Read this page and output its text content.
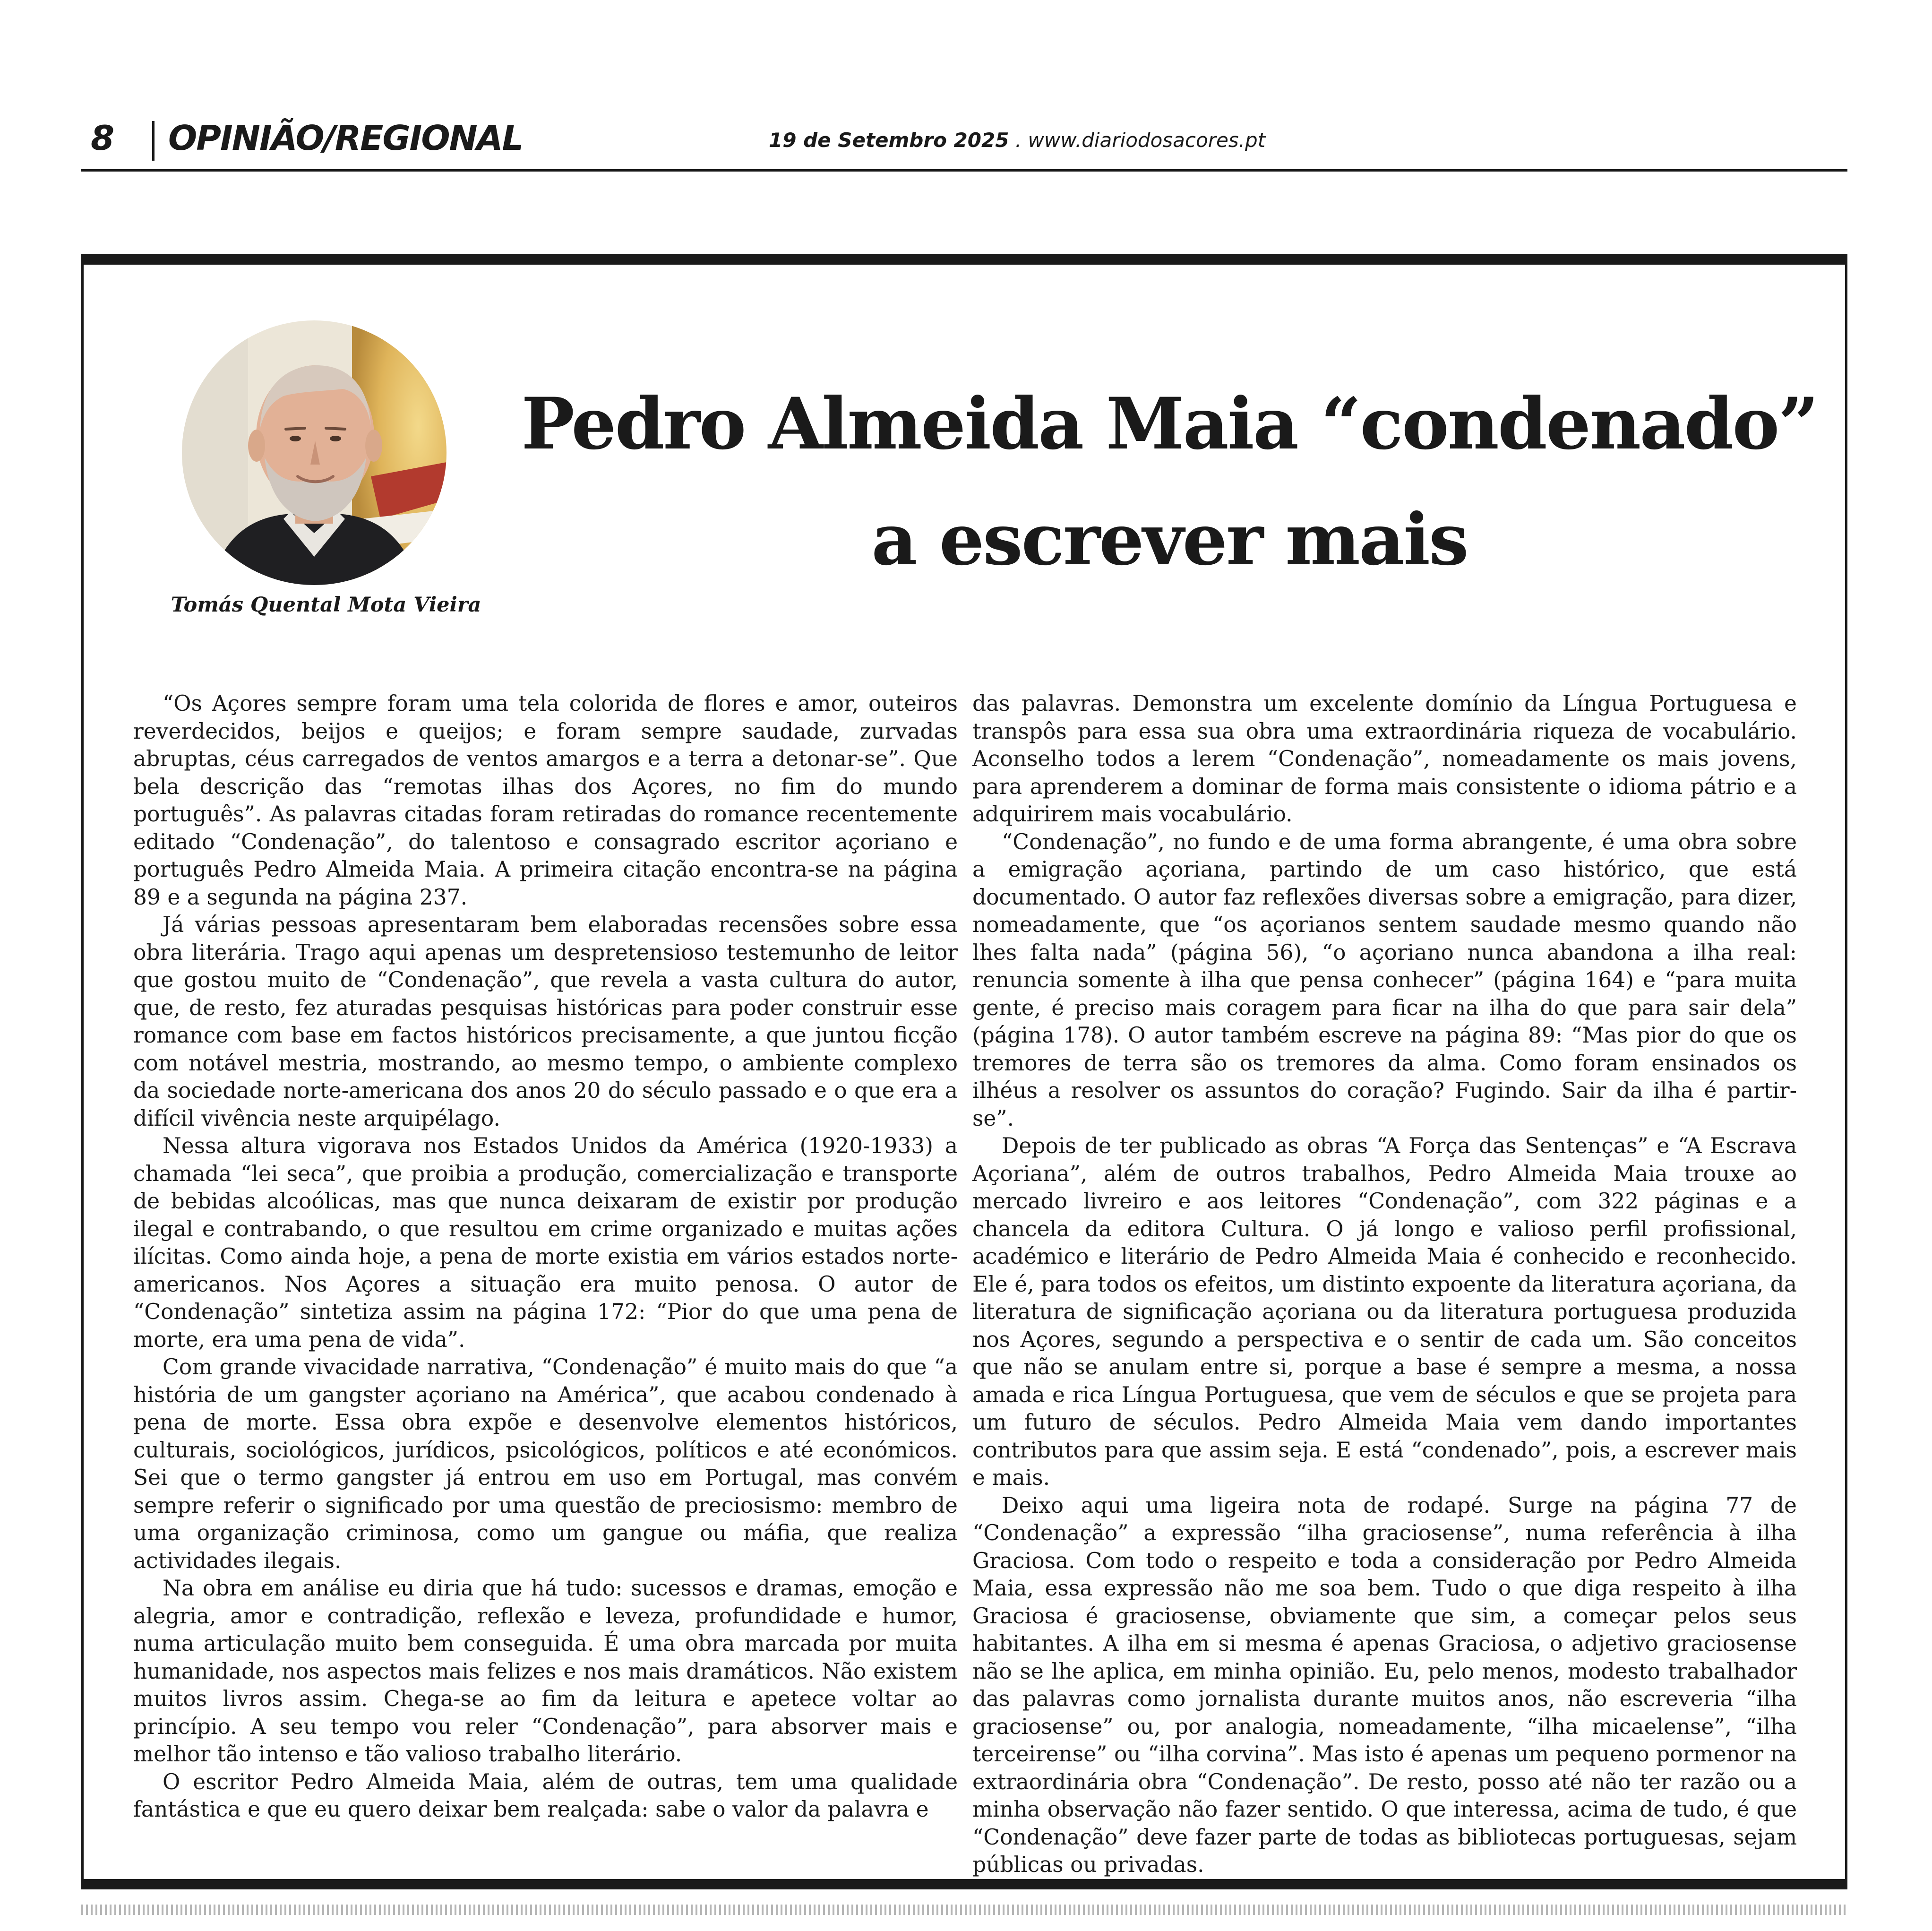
8 OPINIÃO/REGIONAL	19 de Setembro 2025 . www.diariodosacores.pt
Tomás Quental Mota Vieira
Pedro Almeida Maia “condenado”
a escrever mais

“Os Açores sempre foram uma tela colorida de flores e amor, outeiros reverdecidos, beijos e queijos; e foram sempre saudade, zurvadas abruptas, céus carregados de ventos amargos e a terra a detonar-se”. Que bela descrição das “remotas ilhas dos Açores, no fim do mundo português”. As palavras citadas foram retiradas do romance recentemente editado “Condenação”, do talentoso e consagrado escritor açoriano e português Pedro Almeida Maia. A primeira citação encontra-se na página 89 e a segunda na página 237.

Já várias pessoas apresentaram bem elaboradas recensões sobre essa obra literária. Trago aqui apenas um despretensioso testemunho de leitor que gostou muito de “Condenação”, que revela a vasta cultura do autor, que, de resto, fez aturadas pesquisas históricas para poder construir esse romance com base em factos históricos precisamente, a que juntou ficção com notável mestria, mostrando, ao mesmo tempo, o ambiente complexo da sociedade norte-americana dos anos 20 do século passado e o que era a difícil vivência neste arquipélago.

Nessa altura vigorava nos Estados Unidos da América (1920-1933) a chamada “lei seca”, que proibia a produção, comercialização e transporte de bebidas alcoólicas, mas que nunca deixaram de existir por produção ilegal e contrabando, o que resultou em crime organizado e muitas ações ilícitas. Como ainda hoje, a pena de morte existia em vários estados norte-americanos. Nos Açores a situação era muito penosa. O autor de “Condenação” sintetiza assim na página 172: “Pior do que uma pena de morte, era uma pena de vida”.

Com grande vivacidade narrativa, “Condenação” é muito mais do que “a história de um gangster açoriano na América”, que acabou condenado à pena de morte. Essa obra expõe e desenvolve elementos históricos, culturais, sociológicos, jurídicos, psicológicos, políticos e até económicos. Sei que o termo gangster já entrou em uso em Portugal, mas convém sempre referir o significado por uma questão de preciosismo: membro de uma organização criminosa, como um gangue ou máfia, que realiza actividades ilegais.

Na obra em análise eu diria que há tudo: sucessos e dramas, emoção e alegria, amor e contradição, reflexão e leveza, profundidade e humor, numa articulação muito bem conseguida. É uma obra marcada por muita humanidade, nos aspectos mais felizes e nos mais dramáticos. Não existem muitos livros assim. Chega-se ao fim da leitura e apetece voltar ao princípio. A seu tempo vou reler “Condenação”, para absorver mais e melhor tão intenso e tão valioso trabalho literário.

O escritor Pedro Almeida Maia, além de outras, tem uma qualidade fantástica e que eu quero deixar bem realçada: sabe o valor da palavra e

das palavras. Demonstra um excelente domínio da Língua Portuguesa e transpôs para essa sua obra uma extraordinária riqueza de vocabulário. Aconselho todos a lerem “Condenação”, nomeadamente os mais jovens, para aprenderem a dominar de forma mais consistente o idioma pátrio e a adquirirem mais vocabulário.

“Condenação”, no fundo e de uma forma abrangente, é uma obra sobre a emigração açoriana, partindo de um caso histórico, que está documentado. O autor faz reflexões diversas sobre a emigração, para dizer, nomeadamente, que “os açorianos sentem saudade mesmo quando não lhes falta nada” (página 56), “o açoriano nunca abandona a ilha real: renuncia somente à ilha que pensa conhecer” (página 164) e “para muita gente, é preciso mais coragem para ficar na ilha do que para sair dela” (página 178). O autor também escreve na página 89: “Mas pior do que os tremores de terra são os tremores da alma. Como foram ensinados os ilhéus a resolver os assuntos do coração? Fugindo. Sair da ilha é partir-se”.

Depois de ter publicado as obras “A Força das Sentenças” e “A Escrava Açoriana”, além de outros trabalhos, Pedro Almeida Maia trouxe ao mercado livreiro e aos leitores “Condenação”, com 322 páginas e a chancela da editora Cultura. O já longo e valioso perfil profissional, académico e literário de Pedro Almeida Maia é conhecido e reconhecido. Ele é, para todos os efeitos, um distinto expoente da literatura açoriana, da literatura de significação açoriana ou da literatura portuguesa produzida nos Açores, segundo a perspectiva e o sentir de cada um. São conceitos que não se anulam entre si, porque a base é sempre a mesma, a nossa amada e rica Língua Portuguesa, que vem de séculos e que se projeta para um futuro de séculos. Pedro Almeida Maia vem dando importantes contributos para que assim seja. E está “condenado”, pois, a escrever mais e mais.

Deixo aqui uma ligeira nota de rodapé. Surge na página 77 de “Condenação” a expressão “ilha graciosense”, numa referência à ilha Graciosa. Com todo o respeito e toda a consideração por Pedro Almeida Maia, essa expressão não me soa bem. Tudo o que diga respeito à ilha Graciosa é graciosense, obviamente que sim, a começar pelos seus habitantes. A ilha em si mesma é apenas Graciosa, o adjetivo graciosense não se lhe aplica, em minha opinião. Eu, pelo menos, modesto trabalhador das palavras como jornalista durante muitos anos, não escreveria “ilha graciosense” ou, por analogia, nomeadamente, “ilha micaelense”, “ilha terceirense” ou “ilha corvina”. Mas isto é apenas um pequeno pormenor na extraordinária obra “Condenação”. De resto, posso até não ter razão ou a minha observação não fazer sentido. O que interessa, acima de tudo, é que “Condenação” deve fazer parte de todas as bibliotecas portuguesas, sejam públicas ou privadas.
